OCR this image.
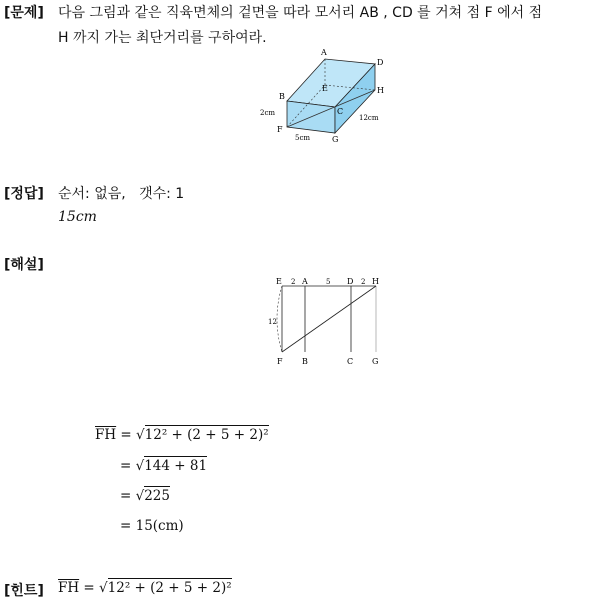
[문제] 다음 그림과 같은 직육면체의 겉면을 따라 모서리 AB , CD 를 거쳐 점 F 에서 점
H 까지 가는 최단거리를 구하여라.
A
D
E	H
B
C
F
G
2cm
12cm
5cm
[정답] 순서: 없음,   갯수: 1
15cm
[해설]
E	A	D H
2	5	2
12
F B	C G
$\overline{FH} = √12^2 + (2 + 5 + 2)^2$
= √144 + 81
= √225
= 15(cm)
[힌트] $\overline{FH} = √12^2 + (2 + 5 + 2)^2$
